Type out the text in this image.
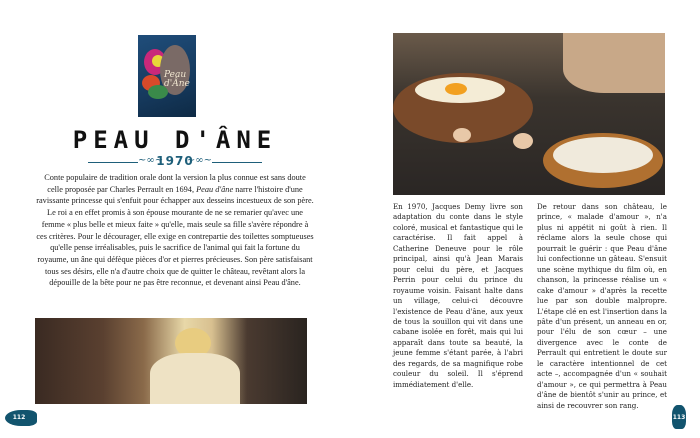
Peau d'Âne
PEAU D'ÂNE
~∞~ ~∞~
1970
Conte populaire de tradition orale dont la version la plus connue est sans doute celle proposée par Charles Perrault en 1694, Peau d'âne narre l'histoire d'une ravissante princesse qui s'enfuit pour échapper aux desseins incestueux de son père. Le roi a en effet promis à son épouse mourante de ne se remarier qu'avec une femme « plus belle et mieux faite » qu'elle, mais seule sa fille s'avère répondre à ces critères. Pour le décourager, elle exige en contrepartie des toilettes somptueuses qu'elle pense irréalisables, puis le sacrifice de l'animal qui fait la fortune du royaume, un âne qui défèque pièces d'or et pierres précieuses. Son père satisfaisant tous ses désirs, elle n'a d'autre choix que de quitter le château, revêtant alors la dépouille de la bête pour ne pas être reconnue, et devenant ainsi Peau d'âne.
112
En 1970, Jacques Demy livre son adaptation du conte dans le style coloré, musical et fantastique qui le caractérise. Il fait appel à Catherine Deneuve pour le rôle principal, ainsi qu'à Jean Marais pour celui du père, et Jacques Perrin pour celui du prince du royaume voisin. Faisant halte dans un village, celui-ci découvre l'existence de Peau d'âne, aux yeux de tous la souillon qui vit dans une cabane isolée en forêt, mais qui lui apparaît dans toute sa beauté, la jeune femme s'étant parée, à l'abri des regards, de sa magnifique robe couleur du soleil. Il s'éprend immédiatement d'elle.
De retour dans son château, le prince, « malade d'amour », n'a plus ni appétit ni goût à rien. Il réclame alors la seule chose qui pourrait le guérir : que Peau d'âne lui confectionne un gâteau. S'ensuit une scène mythique du film où, en chanson, la princesse réalise un « cake d'amour » d'après la recette lue par son double malpropre. L'étape clé en est l'insertion dans la pâte d'un présent, un anneau en or, pour l'élu de son cœur – une divergence avec le conte de Perrault qui entretient le doute sur le caractère intentionnel de cet acte –, accompagnée d'un « souhait d'amour », ce qui permettra à Peau d'âne de bientôt s'unir au prince, et ainsi de recouvrer son rang.
113
